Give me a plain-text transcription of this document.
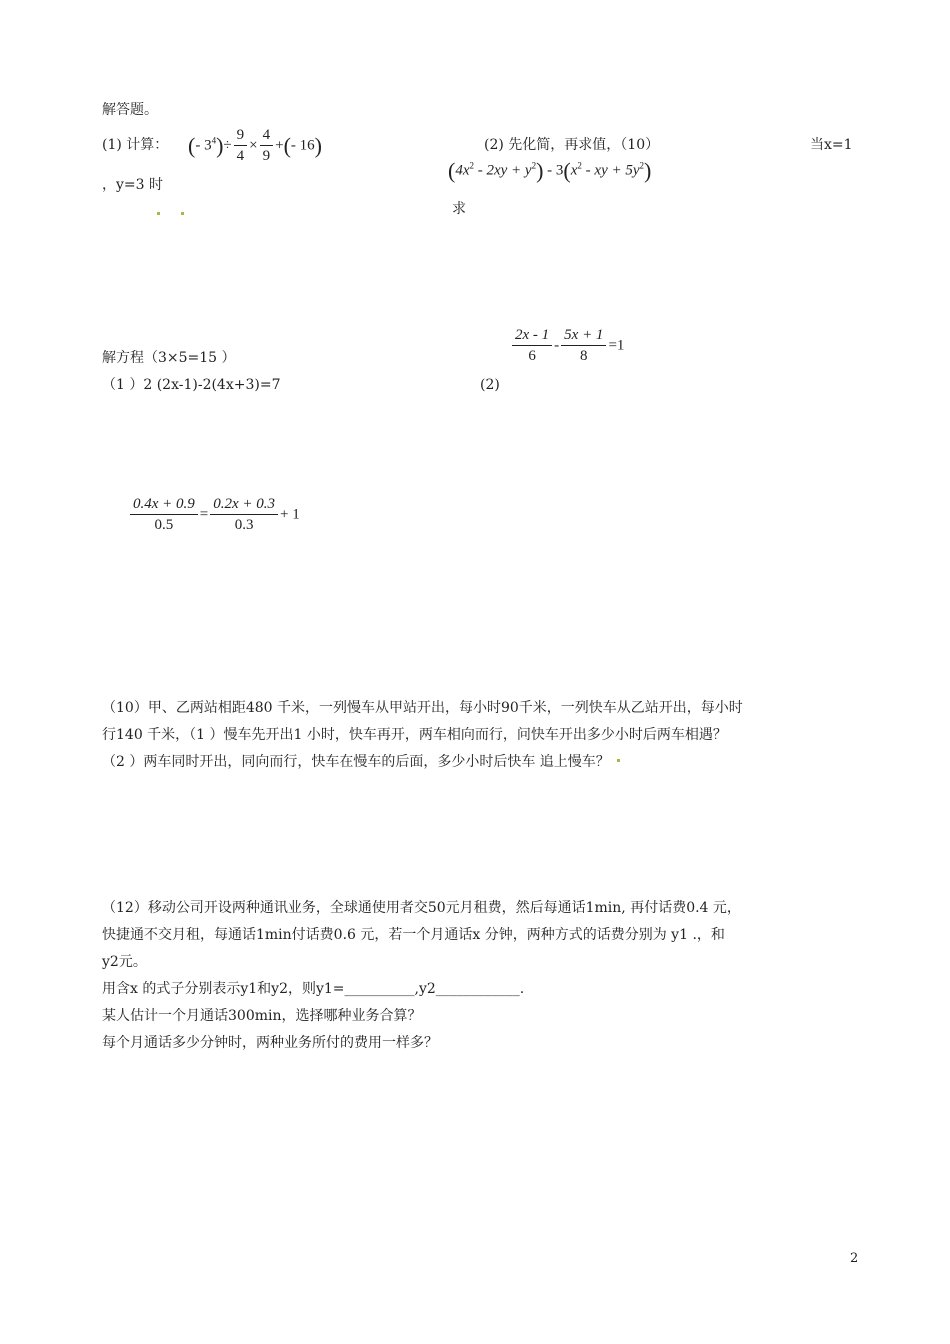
解答题。
(1) 计算： (- $3^4)\div \frac{9}{4} \times \frac{4}{9}$ +(- 16)
，y=3 时
(2) 先化简，再求值，（10）	当x=1
$(4x^2 - 2xy + y^2) - 3(x^2$ - xy + $5y^2$)
求
$\frac{2x - 1}{6} - \frac{5x + 1}{8} =1$
解方程（3×5=15 ）
（1 ）2 (2x-1)-2(4x+3)=7	(2)
$\frac{0.4x + 0.9}{0.5} = \frac{0.2x + 0.3}{0.3} + 1$
（10）甲、乙两站相距480 千米，一列慢车从甲站开出，每小时90千米，一列快车从乙站开出，每小时
行140 千米，（1 ）慢车先开出1 小时，快车再开，两车相向而行，问快车开出多少小时后两车相遇？
（2 ）两车同时开出，同向而行，快车在慢车的后面，多少小时后快车 追上慢车？
（12）移动公司开设两种通讯业务，全球通使用者交50元月租费，然后每通话1min, 再付话费0.4 元，
快捷通不交月租，每通话1min付话费0.6 元，若一个月通话x 分钟，两种方式的话费分别为 y1 .，和
y2元。
用含x 的式子分别表示y1和y2，则y1=__________,y2____________.
某人估计一个月通话300min，选择哪种业务合算？
每个月通话多少分钟时，两种业务所付的费用一样多？
2
